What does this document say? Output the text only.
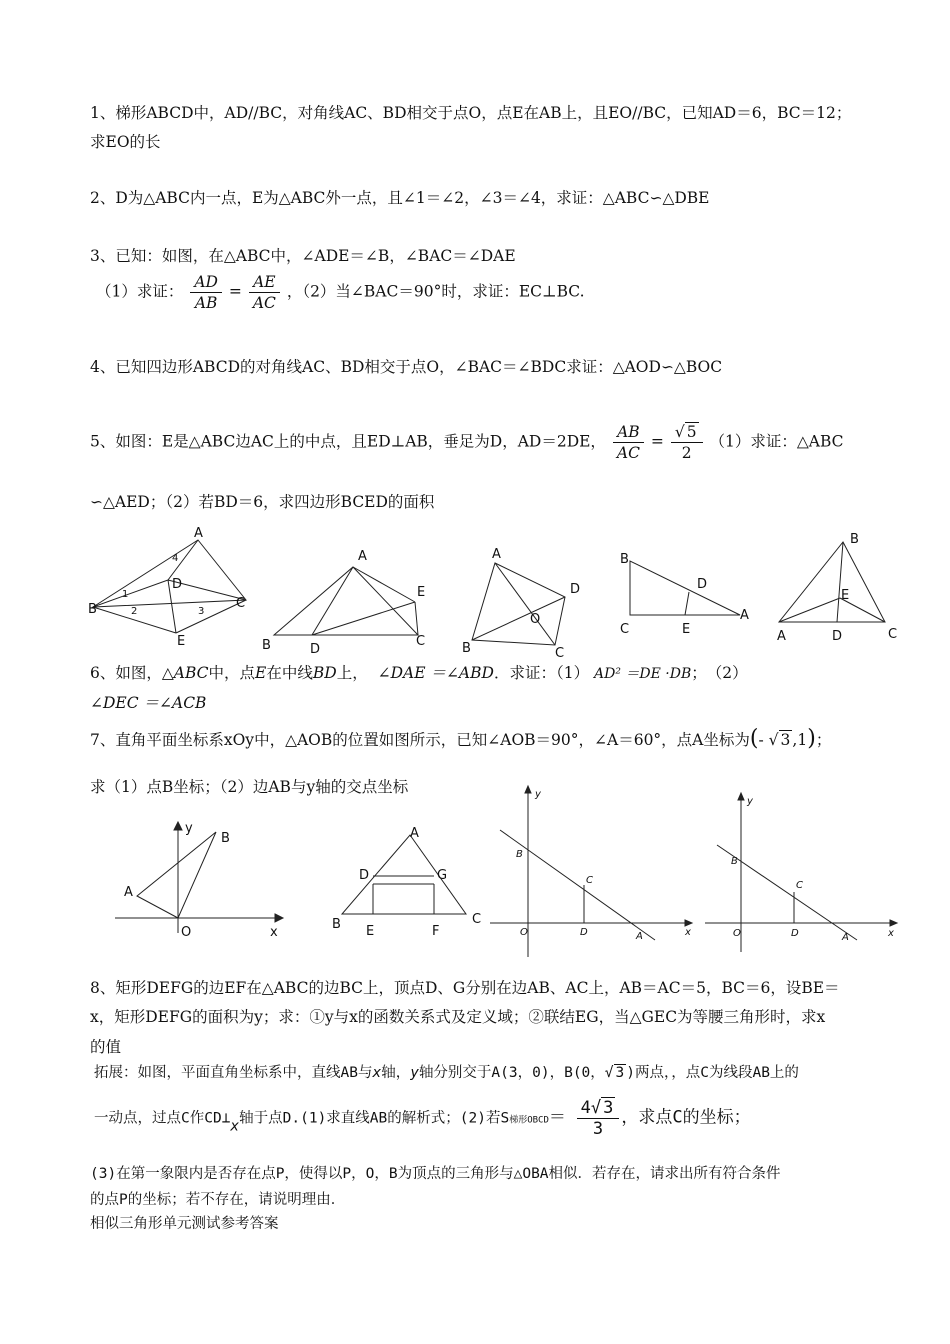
1、梯形ABCD中，AD//BC，对角线AC、BD相交于点O，点E在AB上，且EO//BC，已知AD＝6，BC＝12；
求EO的长
2、D为△ABC内一点，E为△ABC外一点，且∠1＝∠2，∠3＝∠4，求证：△ABC∽△DBE
3、已知：如图，在△ABC中，∠ADE＝∠B，∠BAC＝∠DAE
（1）求证： $\frac{AD}{AB} = \frac{AE}{AC}$ ，（2）当∠BAC＝90°时，求证：EC⊥BC.
4、已知四边形ABCD的对角线AC、BD相交于点O，∠BAC＝∠BDC求证：△AOD∽△BOC
5、如图：E是△ABC边AC上的中点，且ED⊥AB，垂足为D，AD＝2DE， $\frac{AB}{AC} = \frac{√ 5}{2} (1)$求证：△ABC
∽△AED；（2）若BD＝6，求四边形BCED的面积
A
B	C
D
E
1
2	3
4	A
B	C
D
E
A
B	C
D
O
B
C
D
E
A
B
E
A	D	C
6、如图，△ABC中，点E在中线BD上， ∠DAE ＝∠ABD．求证：（1） AD² ＝DE ·DB；　（2）
∠DEC ＝∠ACB
7、直角平面坐标系xOy中，△AOB的位置如图所示，已知∠AOB＝90°，∠A＝60°，点A坐标为(- √ 3 ,1)；
求（1）点B坐标；（2）边AB与y轴的交点坐标
y
B
A
O	x
A
D	G
B E	F
C
y
B
C
O	D	A	x
y
B
C
O	D	A	x
8、矩形DEFG的边EF在△ABC的边BC上，顶点D、G分别在边AB、AC上，AB＝AC＝5，BC＝6，设BE＝
x，矩形DEFG的面积为y；求：①y与x的函数关系式及定义域；②联结EG，当△GEC为等腰三角形时，求x
的值
拓展：如图，平面直角坐标系中，直线AB与x轴，y轴分别交于A(3，0)，B(0，√ 3 )两点，，点C为线段AB上的
一动点，过点C作CD⊥x轴于点D.(1)求直线AB的解析式；(2)若S梯形OBCD＝ $\frac{4√ 3}{3}$ ，求点C的坐标；
(3)在第一象限内是否存在点P，使得以P，O，B为顶点的三角形与△OBA相似．若存在，请求出所有符合条件
的点P的坐标；若不存在，请说明理由．
相似三角形单元测试参考答案
